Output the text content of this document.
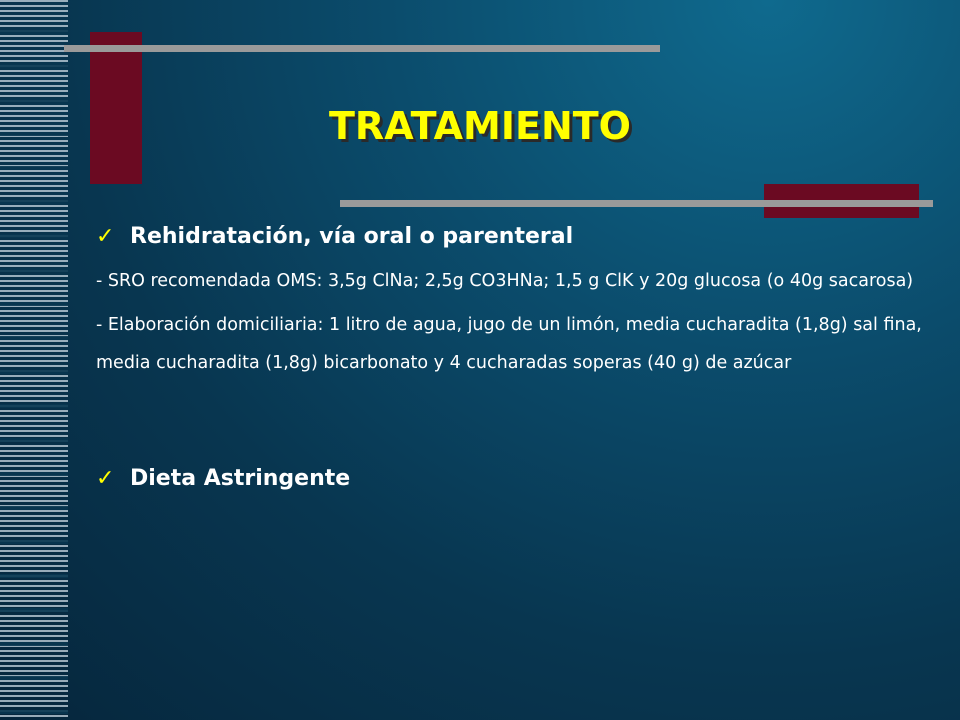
TRATAMIENTO
✓ Rehidratación, vía oral o parenteral

- SRO recomendada OMS: 3,5g ClNa; 2,5g CO3HNa; 1,5 g ClK y 20g glucosa (o 40g sacarosa)

- Elaboración domiciliaria: 1 litro de agua, jugo de un limón, media cucharadita (1,8g) sal fina, media cucharadita (1,8g) bicarbonato y 4 cucharadas soperas (40 g) de azúcar

✓ Dieta Astringente
